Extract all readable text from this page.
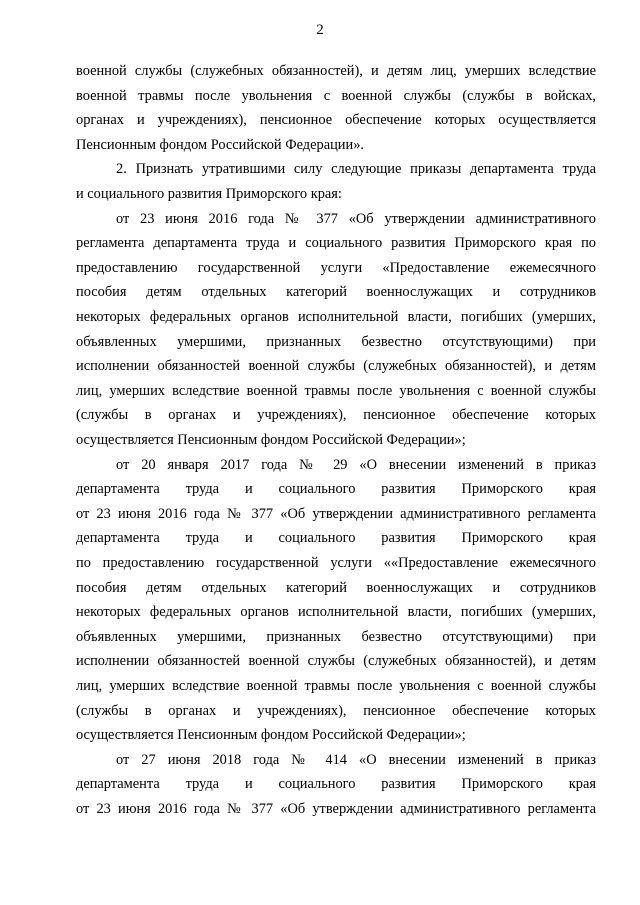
2
военной службы (служебных обязанностей), и детям лиц, умерших вследствие
военной травмы после увольнения с военной службы (службы в войсках,
органах и учреждениях), пенсионное обеспечение которых осуществляется
Пенсионным фондом Российской Федерации».
2. Признать утратившими силу следующие приказы департамента труда
и социального развития Приморского края:
от 23 июня 2016 года № 377 «Об утверждении административного
регламента департамента труда и социального развития Приморского края по
предоставлению государственной услуги «Предоставление ежемесячного
пособия детям отдельных категорий военнослужащих и сотрудников
некоторых федеральных органов исполнительной власти, погибших (умерших,
объявленных умершими, признанных безвестно отсутствующими) при
исполнении обязанностей военной службы (служебных обязанностей), и детям
лиц, умерших вследствие военной травмы после увольнения с военной службы
(службы в органах и учреждениях), пенсионное обеспечение которых
осуществляется Пенсионным фондом Российской Федерации»;
от 20 января 2017 года № 29 «О внесении изменений в приказ
департамента труда и социального развития Приморского края
от 23 июня 2016 года № 377 «Об утверждении административного регламента
департамента труда и социального развития Приморского края
по предоставлению государственной услуги ««Предоставление ежемесячного
пособия детям отдельных категорий военнослужащих и сотрудников
некоторых федеральных органов исполнительной власти, погибших (умерших,
объявленных умершими, признанных безвестно отсутствующими) при
исполнении обязанностей военной службы (служебных обязанностей), и детям
лиц, умерших вследствие военной травмы после увольнения с военной службы
(службы в органах и учреждениях), пенсионное обеспечение которых
осуществляется Пенсионным фондом Российской Федерации»;
от 27 июня 2018 года № 414 «О внесении изменений в приказ
департамента труда и социального развития Приморского края
от 23 июня 2016 года № 377 «Об утверждении административного регламента
